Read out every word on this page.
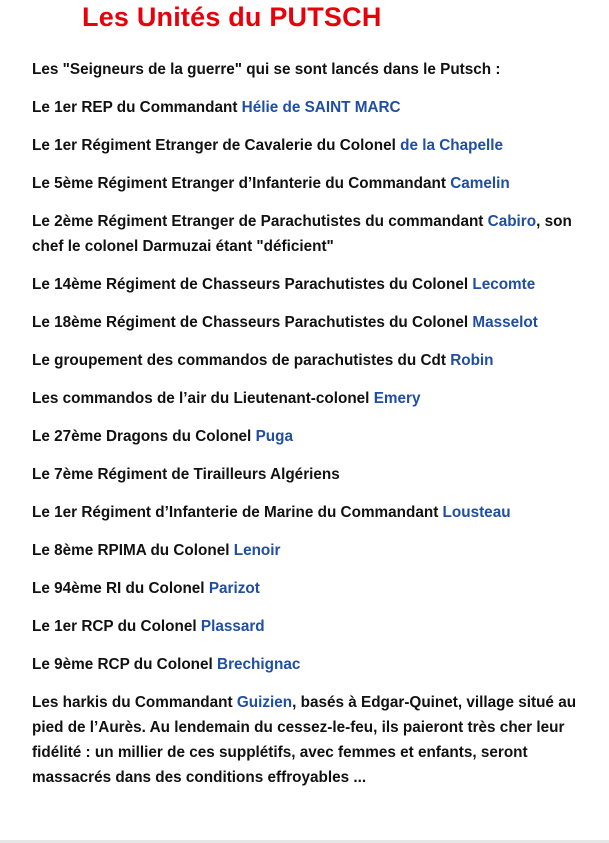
Les Unités du PUTSCH

Les "Seigneurs de la guerre" qui se sont lancés dans le Putsch :

Le 1er REP du Commandant Hélie de SAINT MARC

Le 1er Régiment Etranger de Cavalerie du Colonel de la Chapelle

Le 5ème Régiment Etranger d’Infanterie du Commandant Camelin

Le 2ème Régiment Etranger de Parachutistes du commandant Cabiro, son chef le colonel Darmuzai étant "déficient"

Le 14ème Régiment de Chasseurs Parachutistes du Colonel Lecomte

Le 18ème Régiment de Chasseurs Parachutistes du Colonel Masselot

Le groupement des commandos de parachutistes du Cdt Robin

Les commandos de l’air du Lieutenant-colonel Emery

Le 27ème Dragons du Colonel Puga

Le 7ème Régiment de Tirailleurs Algériens

Le 1er Régiment d’Infanterie de Marine du Commandant Lousteau

Le 8ème RPIMA du Colonel Lenoir

Le 94ème RI du Colonel Parizot

Le 1er RCP du Colonel Plassard

Le 9ème RCP du Colonel Brechignac

Les harkis du Commandant Guizien, basés à Edgar-Quinet, village situé au pied de l’Aurès. Au lendemain du cessez-le-feu, ils paieront très cher leur fidélité : un millier de ces supplétifs, avec femmes et enfants, seront massacrés dans des conditions effroyables ...
